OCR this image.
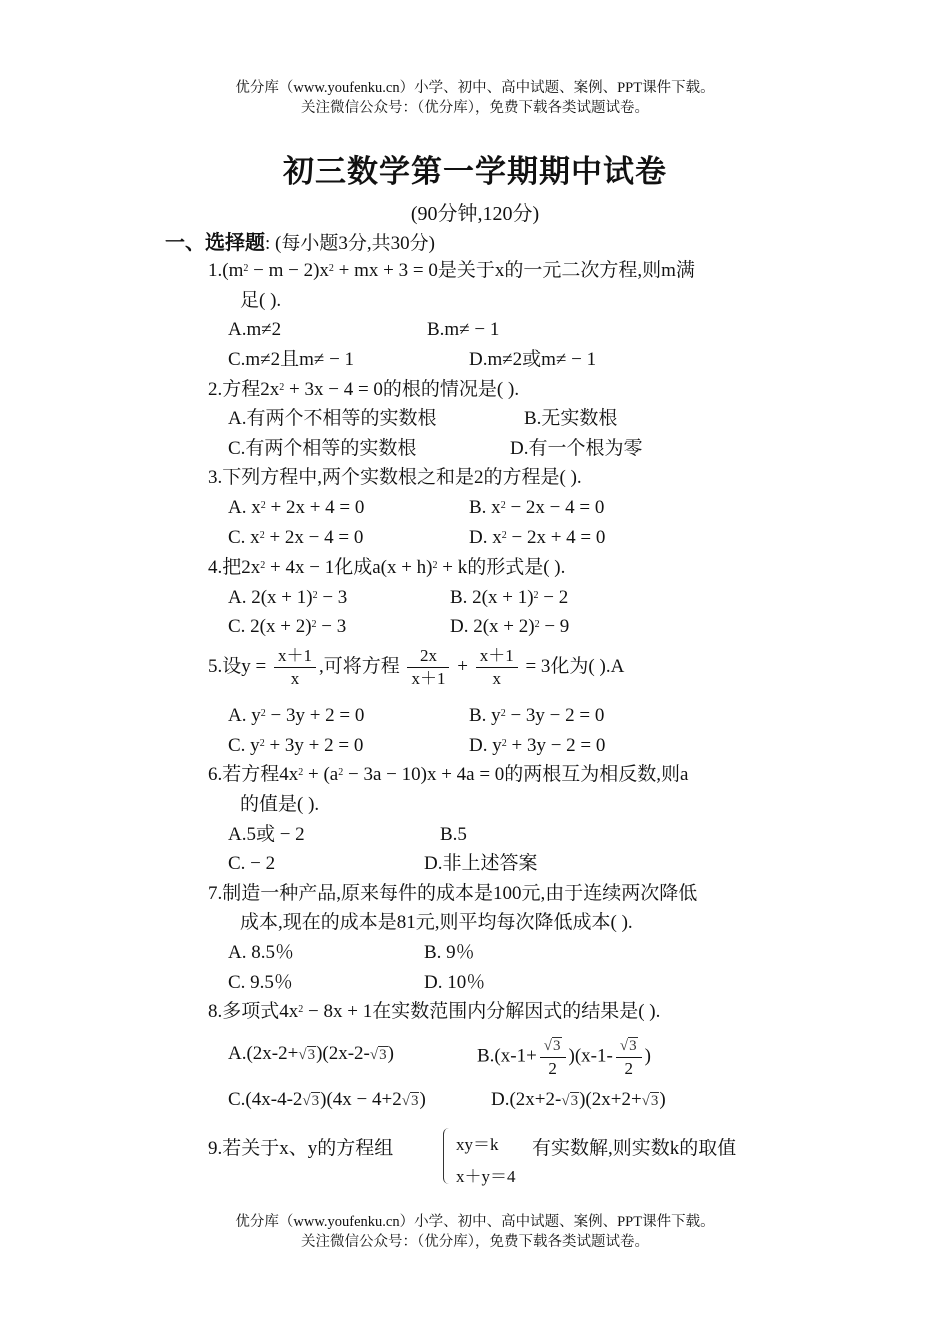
优分库（www.youfenku.cn）小学、初中、高中试题、案例、PPT课件下载。
关注微信公众号：（优分库），免费下载各类试题试卷。
初三数学第一学期期中试卷
(90分钟,120分)
一、选择题: (每小题3分,共30分)
$1.(m^2 - m - 2)x^2$ + mx + 3 = 0是关于x的一元二次方程,则m满
足( ).
A.m≠2	B.m≠ − 1
C.m≠2且m≠ − 1	D.m≠2或m≠ − 1
2.方程$2x^2 + 3x - 4 = 0$的根的情况是( ).
A.有两个不相等的实数根	B.无实数根
C.有两个相等的实数根	D.有一个根为零
3.下列方程中,两个实数根之和是2的方程是( ).
A. $x^2 + 2x + 4 = 0$	B. $x^2 - 2x - 4 = 0$
C. $x^2 + 2x - 4 = 0$	D. $x^2 - 2x + 4 = 0$
4.把$2x^2 + 4x - 1$化成$a(x + h)^2 + k$的形式是( ).
A. $2(x + 1)^2 - 3$	B. $2(x + 1)^2 - 2$
C. $2(x + 2)^2 - 3$	D. $2(x + 2)^2 - 9$
5.设$y = \frac{x+1}{x}$ ,可将方程 $\frac{2x}{x+1} + \frac{x+1}{x} = 3$化为( ).A
A. $y^2 - 3y + 2 = 0$	B. $y^2 - 3y - 2 = 0$
C. $y^2 + 3y + 2 = 0$	D. $y^2 + 3y - 2 = 0$
6.若方程$4x^2 + (a^2 - 3a - 10)x + 4a = 0$的两根互为相反数,则a
的值是( ).
A.5或 − 2	B.5
C. − 2	D.非上述答案
7.制造一种产品,原来每件的成本是100元,由于连续两次降低
成本,现在的成本是81元,则平均每次降低成本( ).
A. 8.5％	B. 9％
C. 9.5％	D. 10％
8.多项式$4x^2 - 8x + 1$在实数范围内分解因式的结果是( ).
A.(2x-2+√3)(2x-2-√3)	$B.(x-1+ \frac{√3}{2} )(x-1- \frac{√3}{2}$ )
C.(4x-4-2√3)(4x − 4+2√3)	D.(2x+2-√3)(2x+2+√3)
9.若关于x、y的方程组	xy＝k
x＋y＝4
有实数解,则实数k的取值
优分库（www.youfenku.cn）小学、初中、高中试题、案例、PPT课件下载。
关注微信公众号：（优分库），免费下载各类试题试卷。
